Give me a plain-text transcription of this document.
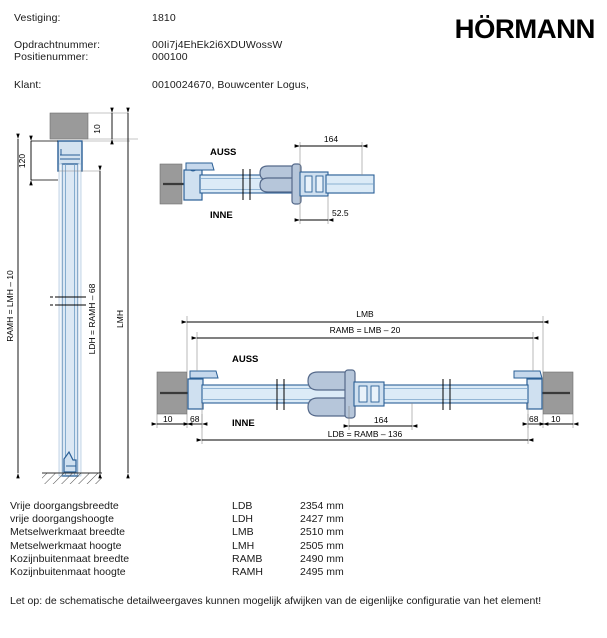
Vestiging:	1810
Opdrachtnummer:	00Ii7j4EhEk2i6XDUWossW
Positienummer:	000100
Klant:	0010024670, Bouwcenter Logus,
HÖRMANN
10
120
RAMH = LMH – 10	LDH = RAMH – 68 LMH
AUSS
INNE
164
52.5
AUSS
INNE
LMB
RAMB = LMB – 20
10 68	68 10
164
LDB = RAMB – 136
Vrije doorgangsbreedte	LDB	2354 mm
vrije doorgangshoogte	LDH	2427 mm
Metselwerkmaat breedte	LMB	2510 mm
Metselwerkmaat hoogte	LMH	2505 mm
Kozijnbuitenmaat breedte	RAMB	2490 mm
Kozijnbuitenmaat hoogte	RAMH	2495 mm
Let op: de schematische detailweergaves kunnen mogelijk afwijken van de eigenlijke configuratie van het element!
